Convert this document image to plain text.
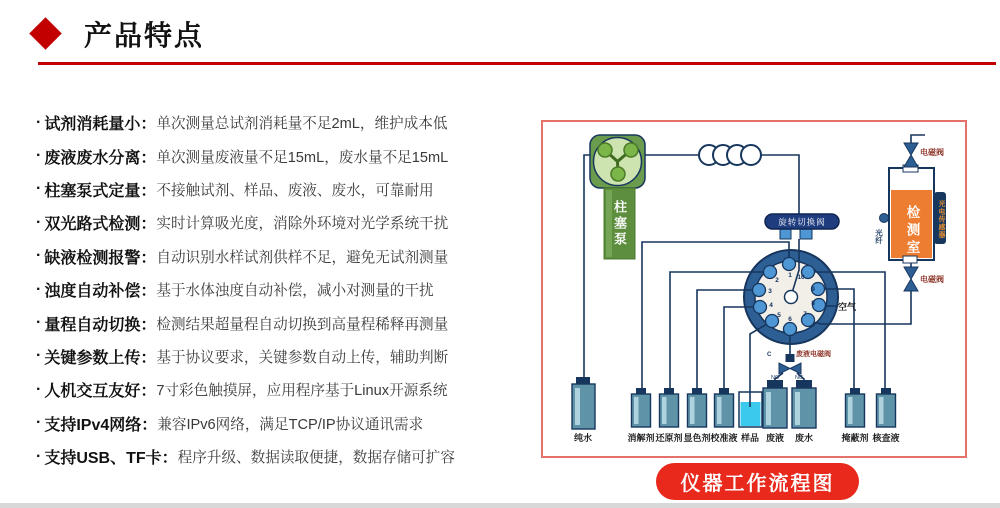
产品特点
· 试剂消耗量小： 单次测量总试剂消耗量不足2mL，维护成本低
· 废液废水分离： 单次测量废液量不足15mL，废水量不足15mL
· 柱塞泵式定量： 不接触试剂、样品、废液、废水，可靠耐用
· 双光路式检测： 实时计算吸光度，消除外环境对光学系统干扰
· 缺液检测报警： 自动识别水样试剂供样不足，避免无试剂测量
· 浊度自动补偿： 基于水体浊度自动补偿，减小对测量的干扰
· 量程自动切换： 检测结果超量程自动切换到高量程稀释再测量
· 关键参数上传： 基于协议要求，关键参数自动上传，辅助判断
· 人机交互友好： 7寸彩色触摸屏，应用程序基于Linux开源系统
· 支持IPv4网络： 兼容IPv6网络，满足TCP/IP协议通讯需求
· 支持USB、TF卡： 程序升级、数据读取便捷，数据存储可扩容
柱塞泵	旋转切换阀	检测室	光电传感器
光纤
空气
电磁阀
电磁阀
废液电磁阀
C
NO	NC
1
2
3
4
5
6
7
8
9
10
纯水	消解剂 还原剂 显色剂 校准液 样品 废液	废水	掩蔽剂 核查液
仪器工作流程图
